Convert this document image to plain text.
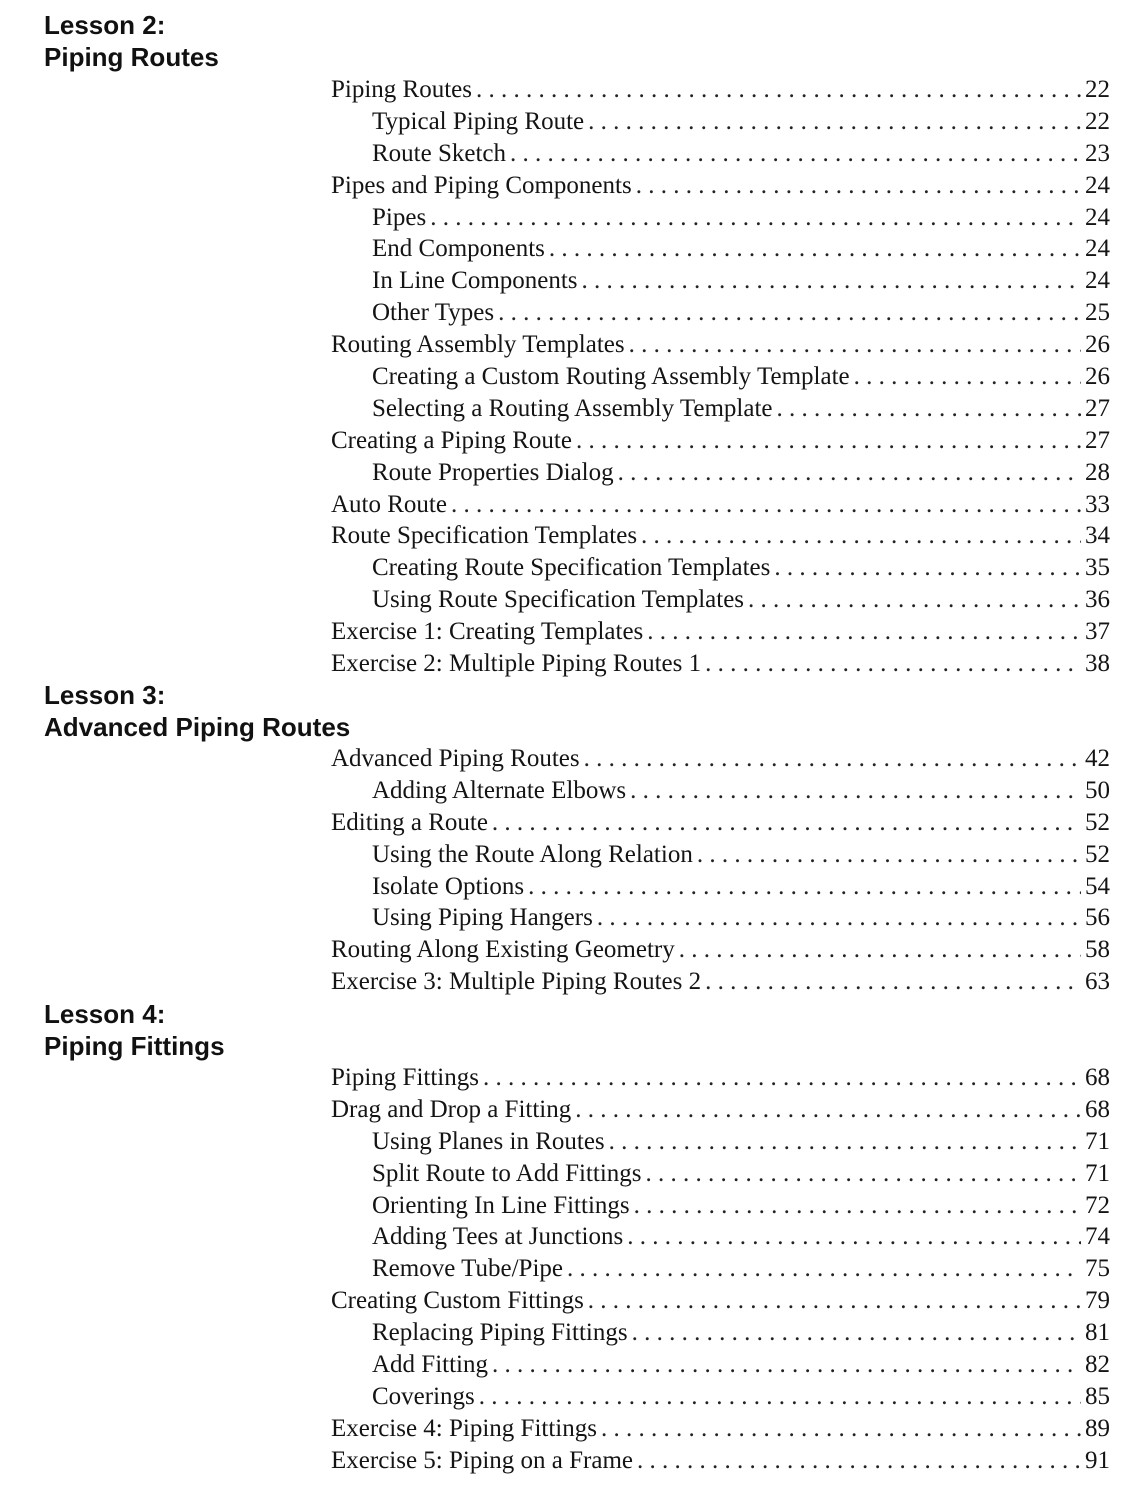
Lesson 2:
Piping Routes
Piping Routes . . .	22
Typical Piping Route . . .	22
Route Sketch . . .	23
Pipes and Piping Components . . .	24
Pipes . . .	24
End Components . . .	24
In Line Components . . .	24
Other Types . . .	25
Routing Assembly Templates . . .	26
Creating a Custom Routing Assembly Template . . .	26
Selecting a Routing Assembly Template . . .	27
Creating a Piping Route . . .	27
Route Properties Dialog . . .	28
Auto Route . . .	33
Route Specification Templates . . .	34
Creating Route Specification Templates . . .	35
Using Route Specification Templates . . .	36
Exercise 1: Creating Templates . . .	37
Exercise 2: Multiple Piping Routes 1 . . .	38
Lesson 3:
Advanced Piping Routes
Advanced Piping Routes . . .	42
Adding Alternate Elbows . . .	50
Editing a Route . . .	52
Using the Route Along Relation . . .	52
Isolate Options . . .	54
Using Piping Hangers . . .	56
Routing Along Existing Geometry . . .	58
Exercise 3: Multiple Piping Routes 2 . . .	63
Lesson 4:
Piping Fittings
Piping Fittings . . .	68
Drag and Drop a Fitting . . .	68
Using Planes in Routes . . .	71
Split Route to Add Fittings . . .	71
Orienting In Line Fittings . . .	72
Adding Tees at Junctions . . .	74
Remove Tube/Pipe . . .	75
Creating Custom Fittings . . .	79
Replacing Piping Fittings . . .	81
Add Fitting . . .	82
Coverings . . .	85
Exercise 4: Piping Fittings . . .	89
Exercise 5: Piping on a Frame . . .	91
